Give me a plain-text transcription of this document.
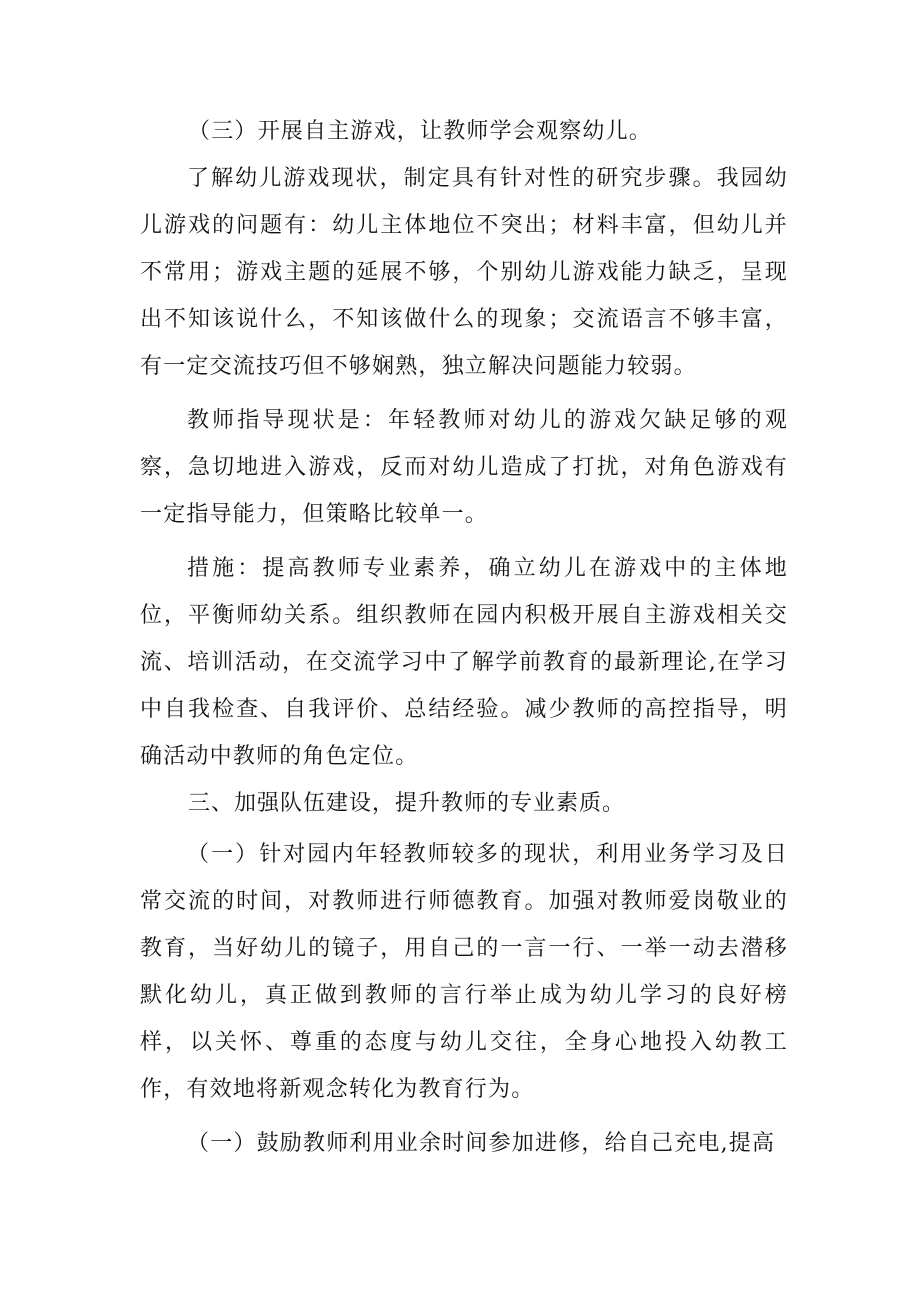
（三）开展自主游戏，让教师学会观察幼儿。

了解幼儿游戏现状，制定具有针对性的研究步骤。我园幼儿游戏的问题有：幼儿主体地位不突出；材料丰富，但幼儿并不常用；游戏主题的延展不够，个别幼儿游戏能力缺乏，呈现出不知该说什么，不知该做什么的现象；交流语言不够丰富，有一定交流技巧但不够娴熟，独立解决问题能力较弱。

教师指导现状是：年轻教师对幼儿的游戏欠缺足够的观察，急切地进入游戏，反而对幼儿造成了打扰，对角色游戏有一定指导能力，但策略比较单一。

措施：提高教师专业素养，确立幼儿在游戏中的主体地位，平衡师幼关系。组织教师在园内积极开展自主游戏相关交流、培训活动，在交流学习中了解学前教育的最新理论,在学习中自我检查、自我评价、总结经验。减少教师的高控指导，明确活动中教师的角色定位。

三、加强队伍建设，提升教师的专业素质。

（一）针对园内年轻教师较多的现状，利用业务学习及日常交流的时间，对教师进行师德教育。加强对教师爱岗敬业的教育，当好幼儿的镜子，用自己的一言一行、一举一动去潜移默化幼儿，真正做到教师的言行举止成为幼儿学习的良好榜样，以关怀、尊重的态度与幼儿交往，全身心地投入幼教工作，有效地将新观念转化为教育行为。

（一）鼓励教师利用业余时间参加进修，给自己充电,提高
